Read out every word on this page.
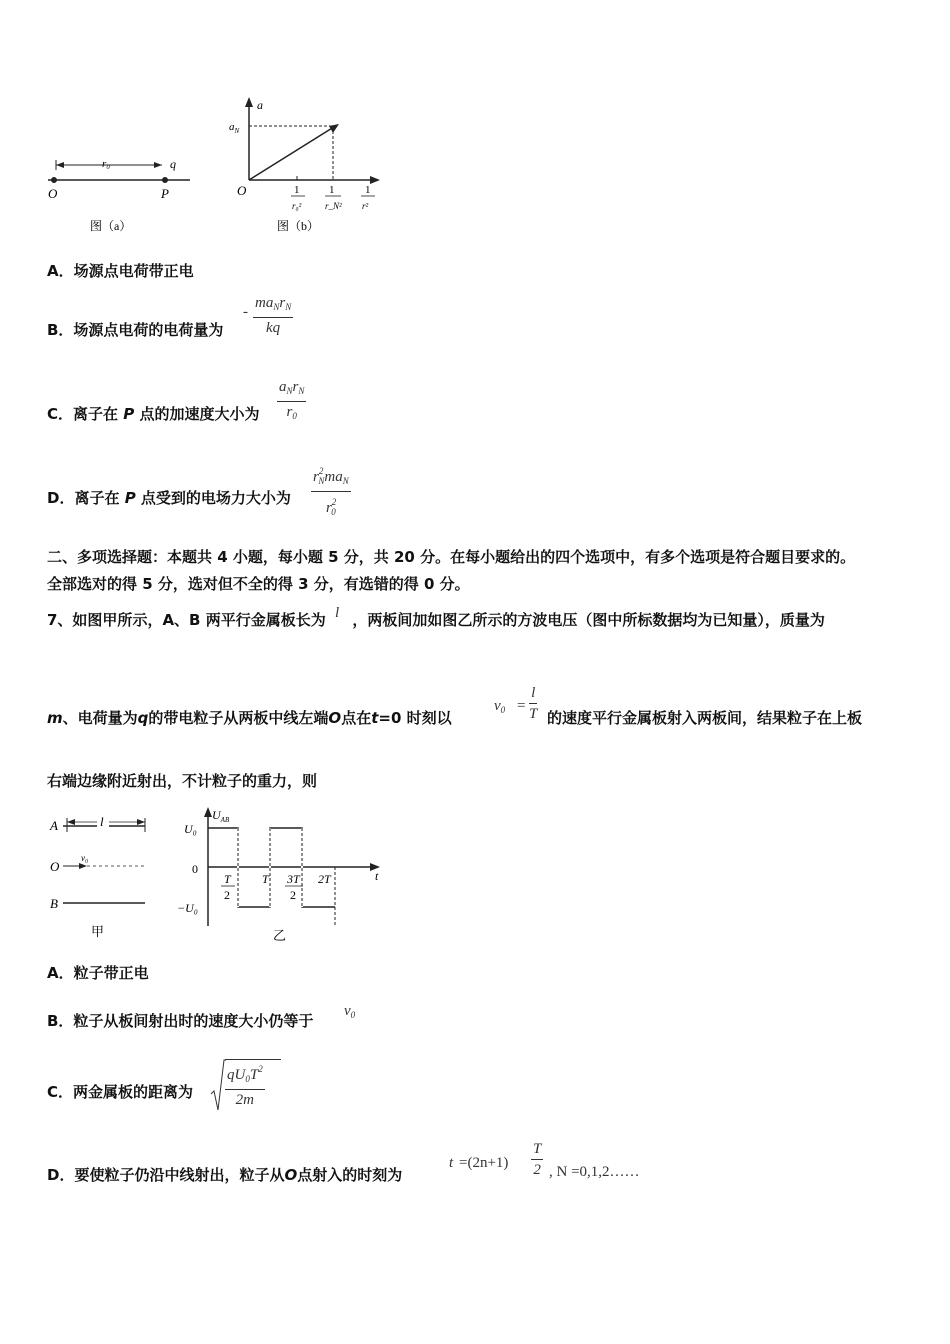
r₀	q
O	P
图（a）
a
$a_N$
O	1
r₀²
1
r_N²
1
r²
图（b）
A．场源点电荷带正电
B．场源点电荷的电荷量为
-
$ma_Nr_N$
kq
C．离子在 P 点的加速度大小为
$a_Nr_N$
$r_0$
D．离子在 P 点受到的电场力大小为
$r^2_Nma_N$
$r^2_0$
二、多项选择题：本题共 4 小题，每小题 5 分，共 20 分。在每小题给出的四个选项中，有多个选项是符合题目要求的。
全部选对的得 5 分，选对但不全的得 3 分，有选错的得 0 分。
7、如图甲所示，A、B 两平行金属板长为 l ，两板间加如图乙所示的方波电压（图中所标数据均为已知量），质量为
m、电荷量为q的带电粒子从两板中线左端O点在t=0 时刻以
$v_0 = \frac{l}{T}$ 的速度平行金属板射入两板间，结果粒子在上板
右端边缘附近射出，不计粒子的重力，则
A	l
O
v₀
B
甲
$U_{AB}$
t
U₀
0
−U₀
T
2
T 3T
2
2T
乙
A．粒子带正电
B．粒子从板间射出时的速度大小仍等于
$v_0$
C．两金属板的距离为 $\frac{qU_0T^2}{2m}$
D．要使粒子仍沿中线射出，粒子从O点射入的时刻为
$t =(2n+1) \frac{T}{2}$ , N =0,1,2……
